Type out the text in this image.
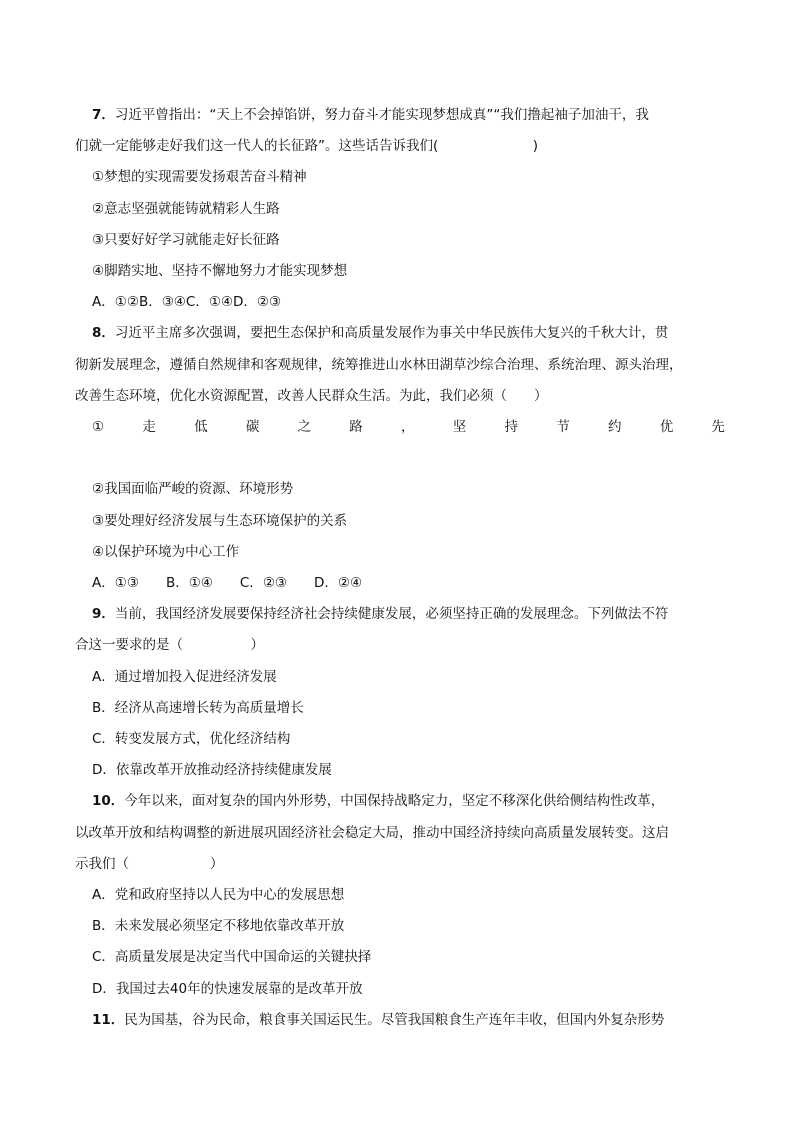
7．习近平曾指出：“天上不会掉馅饼，努力奋斗才能实现梦想成真”“我们撸起袖子加油干，我

们就一定能够走好我们这一代人的长征路”。这些话告诉我们(　　　　　　　)

①梦想的实现需要发扬艰苦奋斗精神

②意志坚强就能铸就精彩人生路

③只要好好学习就能走好长征路

④脚踏实地、坚持不懈地努力才能实现梦想

A．①②B．③④C．①④D．②③

8．习近平主席多次强调，要把生态保护和高质量发展作为事关中华民族伟大复兴的千秋大计，贯

彻新发展理念，遵循自然规律和客观规律，统筹推进山水林田湖草沙综合治理、系统治理、源头治理，

改善生态环境，优化水资源配置，改善人民群众生活。为此，我们必须（　　）

①	走	低	碳	之	路	，	坚	持	节	约	优	先

②我国面临严峻的资源、环境形势

③要处理好经济发展与生态环境保护的关系

④以保护环境为中心工作

A．①③　　B．①④　　C．②③　　D．②④

9．当前，我国经济发展要保持经济社会持续健康发展，必须坚持正确的发展理念。下列做法不符

合这一要求的是（　　　　　）

A．通过增加投入促进经济发展

B．经济从高速增长转为高质量增长

C．转变发展方式，优化经济结构

D．依靠改革开放推动经济持续健康发展

10．今年以来，面对复杂的国内外形势，中国保持战略定力，坚定不移深化供给侧结构性改革，

以改革开放和结构调整的新进展巩固经济社会稳定大局，推动中国经济持续向高质量发展转变。这启

示我们（　　　　　　）

A．党和政府坚持以人民为中心的发展思想

B．未来发展必须坚定不移地依靠改革开放

C．高质量发展是决定当代中国命运的关键抉择

D．我国过去40年的快速发展靠的是改革开放

11．民为国基，谷为民命，粮食事关国运民生。尽管我国粮食生产连年丰收，但国内外复杂形势
